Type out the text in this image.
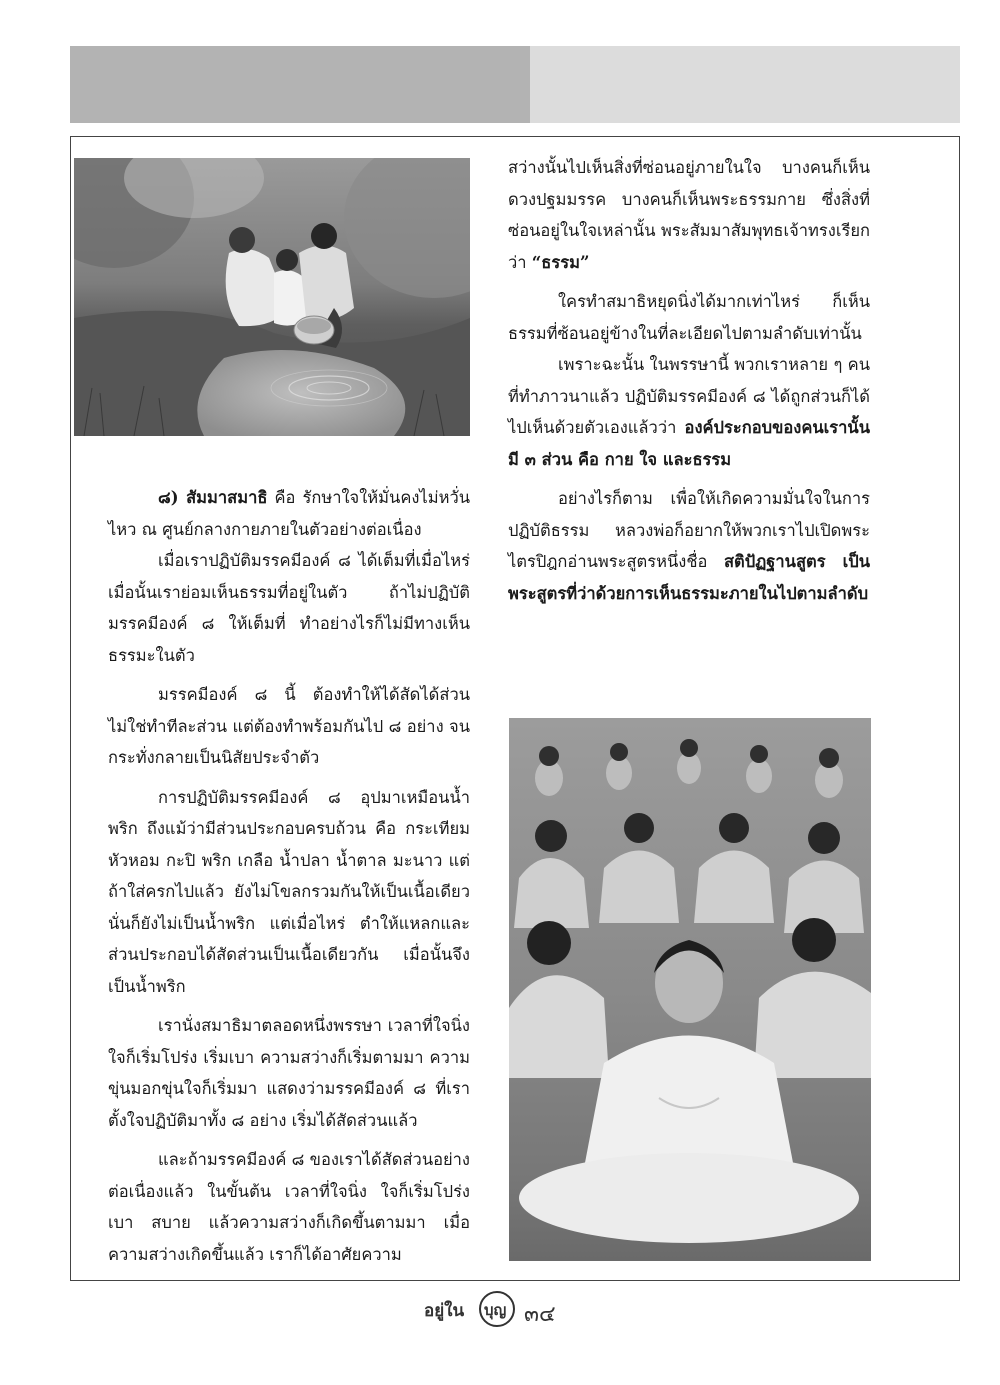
๘) สัมมาสมาธิ คือ รักษาใจให้มั่นคงไม่หวั่นไหว ณ ศูนย์กลางกายภายในตัวอย่างต่อเนื่อง

เมื่อเราปฏิบัติมรรคมีองค์ ๘ ได้เต็มที่เมื่อไหร่ เมื่อนั้นเราย่อมเห็นธรรมที่อยู่ในตัว ถ้าไม่ปฏิบัติมรรคมีองค์ ๘ ให้เต็มที่ ทำอย่างไรก็ไม่มีทางเห็นธรรมะในตัว

มรรคมีองค์ ๘ นี้ ต้องทำให้ได้สัดได้ส่วนไม่ใช่ทำทีละส่วน แต่ต้องทำพร้อมกันไป ๘ อย่าง จนกระทั่งกลายเป็นนิสัยประจำตัว

การปฏิบัติมรรคมีองค์ ๘ อุปมาเหมือนน้ำพริก ถึงแม้ว่ามีส่วนประกอบครบถ้วน คือ กระเทียม หัวหอม กะปิ พริก เกลือ น้ำปลา น้ำตาล มะนาว แต่ถ้าใส่ครกไปแล้ว ยังไม่โขลกรวมกันให้เป็นเนื้อเดียว นั่นก็ยังไม่เป็นน้ำพริก แต่เมื่อไหร่ ตำให้แหลกและส่วนประกอบได้สัดส่วนเป็นเนื้อเดียวกัน เมื่อนั้นจึงเป็นน้ำพริก

เรานั่งสมาธิมาตลอดหนึ่งพรรษา เวลาที่ใจนิ่ง ใจก็เริ่มโปร่ง เริ่มเบา ความสว่างก็เริ่มตามมา ความขุ่นมอกขุ่นใจก็เริ่มมา แสดงว่ามรรคมีองค์ ๘ ที่เราตั้งใจปฏิบัติมาทั้ง ๘ อย่าง เริ่มได้สัดส่วนแล้ว

และถ้ามรรคมีองค์ ๘ ของเราได้สัดส่วนอย่างต่อเนื่องแล้ว ในขั้นต้น เวลาที่ใจนิ่ง ใจก็เริ่มโปร่ง เบา สบาย แล้วความสว่างก็เกิดขึ้นตามมา เมื่อความสว่างเกิดขึ้นแล้ว เราก็ได้อาศัยความ

สว่างนั้นไปเห็นสิ่งที่ซ่อนอยู่ภายในใจ บางคนก็เห็นดวงปฐมมรรค บางคนก็เห็นพระธรรมกาย ซึ่งสิ่งที่ซ่อนอยู่ในใจเหล่านั้น พระสัมมาสัมพุทธเจ้าทรงเรียกว่า “ธรรม”

ใครทำสมาธิหยุดนิ่งได้มากเท่าไหร่ ก็เห็นธรรมที่ซ้อนอยู่ข้างในที่ละเอียดไปตามลำดับเท่านั้น

เพราะฉะนั้น ในพรรษานี้ พวกเราหลาย ๆ คนที่ทำภาวนาแล้ว ปฏิบัติมรรคมีองค์ ๘ ได้ถูกส่วนก็ได้ไปเห็นด้วยตัวเองแล้วว่า องค์ประกอบของคนเรานั้น มี ๓ ส่วน คือ กาย ใจ และธรรม

อย่างไรก็ตาม เพื่อให้เกิดความมั่นใจในการปฏิบัติธรรม หลวงพ่อก็อยากให้พวกเราไปเปิดพระไตรปิฎกอ่านพระสูตรหนึ่งชื่อ สติปัฏฐานสูตร เป็นพระสูตรที่ว่าด้วยการเห็นธรรมะภายในไปตามลำดับ

อยู่ใน บุญ ๓๔
